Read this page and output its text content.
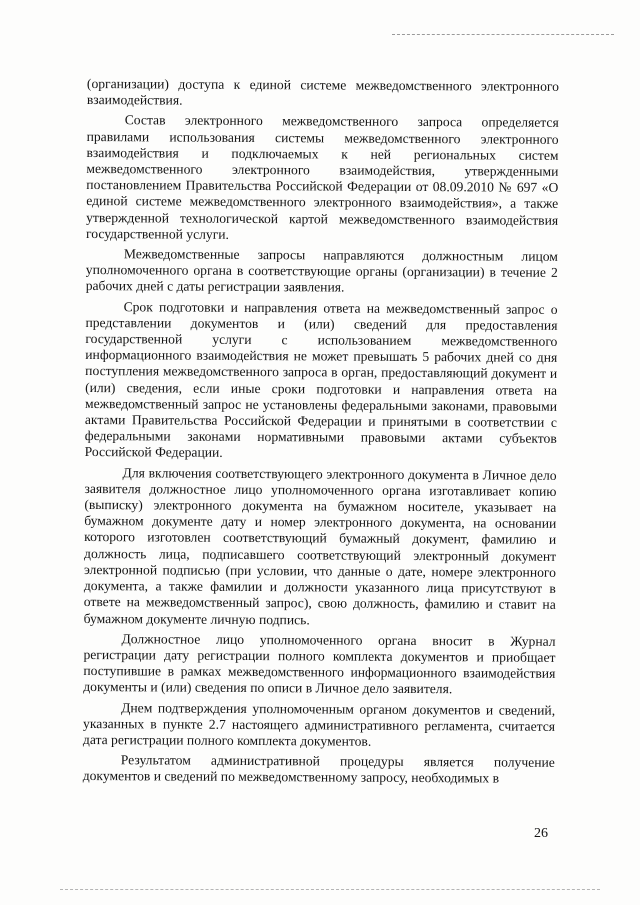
(организации) доступа к единой системе межведомственного электронного взаимодействия.

Состав электронного межведомственного запроса определяется правилами использования системы межведомственного электронного взаимодействия и подключаемых к ней региональных систем межведомственного электронного взаимодействия, утвержденными постановлением Правительства Российской Федерации от 08.09.2010 № 697 «О единой системе межведомственного электронного взаимодействия», а также утвержденной технологической картой межведомственного взаимодействия государственной услуги.

Межведомственные запросы направляются должностным лицом уполномоченного органа в соответствующие органы (организации) в течение 2 рабочих дней с даты регистрации заявления.

Срок подготовки и направления ответа на межведомственный запрос о представлении документов и (или) сведений для предоставления государственной услуги с использованием межведомственного информационного взаимодействия не может превышать 5 рабочих дней со дня поступления межведомственного запроса в орган, предоставляющий документ и (или) сведения, если иные сроки подготовки и направления ответа на межведомственный запрос не установлены федеральными законами, правовыми актами Правительства Российской Федерации и принятыми в соответствии с федеральными законами нормативными правовыми актами субъектов Российской Федерации.

Для включения соответствующего электронного документа в Личное дело заявителя должностное лицо уполномоченного органа изготавливает копию (выписку) электронного документа на бумажном носителе, указывает на бумажном документе дату и номер электронного документа, на основании которого изготовлен соответствующий бумажный документ, фамилию и должность лица, подписавшего соответствующий электронный документ электронной подписью (при условии, что данные о дате, номере электронного документа, а также фамилии и должности указанного лица присутствуют в ответе на межведомственный запрос), свою должность, фамилию и ставит на бумажном документе личную подпись.

Должностное лицо уполномоченного органа вносит в Журнал регистрации дату регистрации полного комплекта документов и приобщает поступившие в рамках межведомственного информационного взаимодействия документы и (или) сведения по описи в Личное дело заявителя.

Днем подтверждения уполномоченным органом документов и сведений, указанных в пункте 2.7 настоящего административного регламента, считается дата регистрации полного комплекта документов.

Результатом административной процедуры является получение документов и сведений по межведомственному запросу, необходимых в

26
